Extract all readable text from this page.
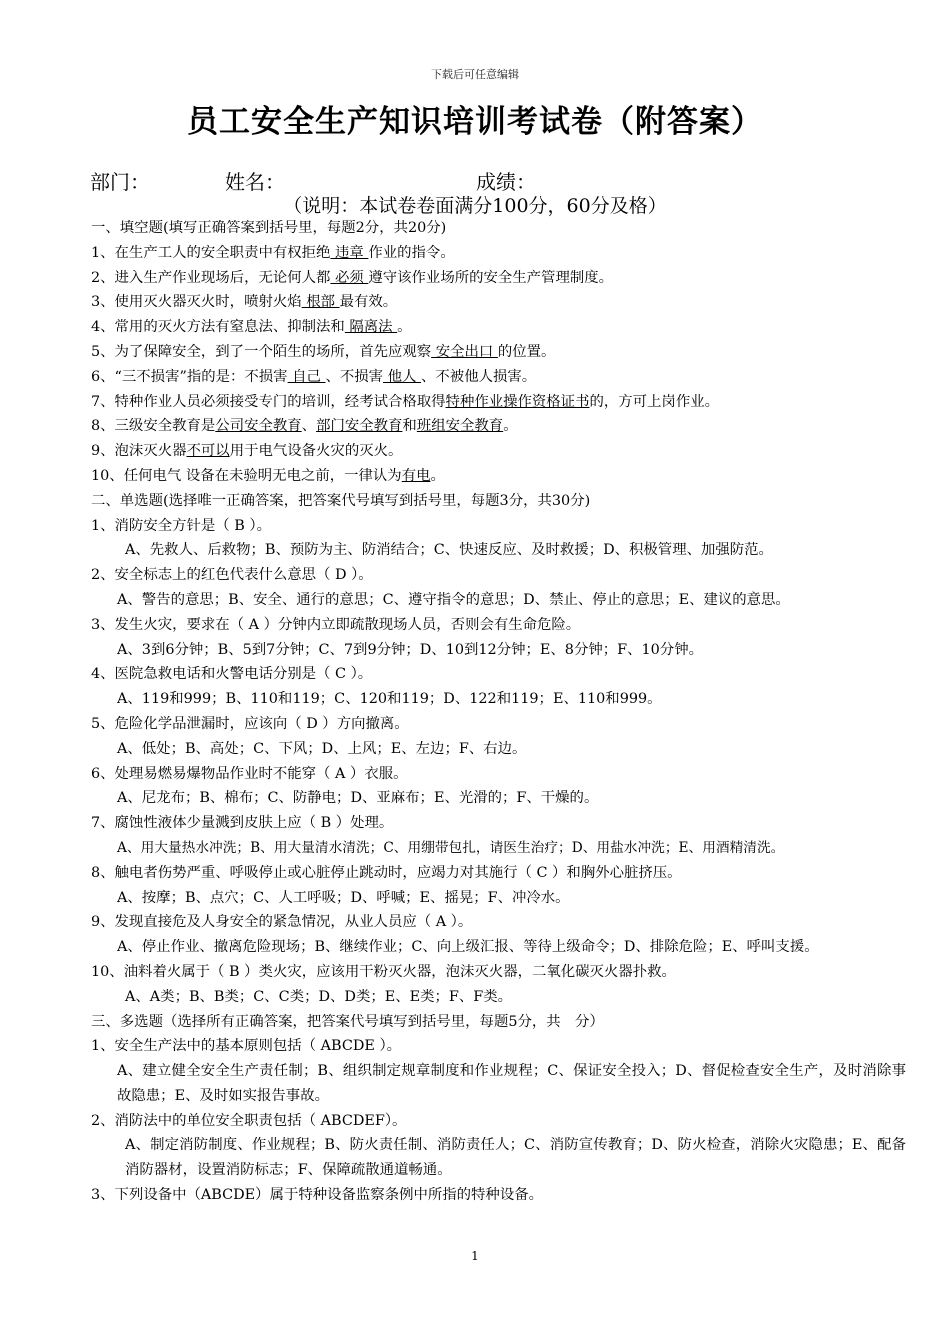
下载后可任意编辑
员工安全生产知识培训考试卷（附答案）
部门：	姓名：	成绩：
（说明：本试卷卷面满分100分，60分及格）
一、填空题(填写正确答案到括号里，每题2分，共20分)
1、在生产工人的安全职责中有权拒绝 违章 作业的指令。
2、进入生产作业现场后，无论何人都 必须 遵守该作业场所的安全生产管理制度。
3、使用灭火器灭火时，喷射火焰 根部 最有效。
4、常用的灭火方法有窒息法、抑制法和 隔离法 。
5、为了保障安全，到了一个陌生的场所，首先应观察 安全出口 的位置。
6、“三不损害”指的是：不损害 自己 、不损害 他人 、不被他人损害。
7、特种作业人员必须接受专门的培训，经考试合格取得特种作业操作资格证书的，方可上岗作业。
8、三级安全教育是公司安全教育、部门安全教育和班组安全教育。
9、泡沫灭火器不可以用于电气设备火灾的灭火。
10、任何电气 设备在未验明无电之前，一律认为有电。
二、单选题(选择唯一正确答案，把答案代号填写到括号里，每题3分，共30分)
1、消防安全方针是（ B ）。
A、先救人、后救物；B、预防为主、防消结合；C、快速反应、及时救援；D、积极管理、加强防范。
2、安全标志上的红色代表什么意思（ D ）。
A、警告的意思；B、安全、通行的意思；C、遵守指令的意思；D、禁止、停止的意思；E、建议的意思。
3、发生火灾，要求在（ A ）分钟内立即疏散现场人员，否则会有生命危险。
A、3到6分钟；B、5到7分钟；C、7到9分钟；D、10到12分钟；E、8分钟；F、10分钟。
4、医院急救电话和火警电话分别是（ C ）。
A、119和999；B、110和119；C、120和119；D、122和119；E、110和999。
5、危险化学品泄漏时，应该向（ D ）方向撤离。
A、低处；B、高处；C、下风；D、上风；E、左边；F、右边。
6、处理易燃易爆物品作业时不能穿（ A ）衣服。
A、尼龙布；B、棉布；C、防静电；D、亚麻布；E、光滑的；F、干燥的。
7、腐蚀性液体少量溅到皮肤上应（ B ）处理。
A、用大量热水冲洗；B、用大量清水清洗；C、用绷带包扎，请医生治疗；D、用盐水冲洗；E、用酒精清洗。
8、触电者伤势严重、呼吸停止或心脏停止跳动时，应竭力对其施行（ C ）和胸外心脏挤压。
A、按摩；B、点穴；C、人工呼吸；D、呼喊；E、摇晃；F、冲冷水。
9、发现直接危及人身安全的紧急情况，从业人员应（ A ）。
A、停止作业、撤离危险现场；B、继续作业；C、向上级汇报、等待上级命令；D、排除危险；E、呼叫支援。
10、油料着火属于（ B ）类火灾，应该用干粉灭火器，泡沫灭火器，二氧化碳灭火器扑救。
A、A类；B、B类；C、C类；D、D类；E、E类；F、F类。
三、多选题（选择所有正确答案，把答案代号填写到括号里，每题5分，共　分）
1、安全生产法中的基本原则包括（ ABCDE ）。
A、建立健全安全生产责任制；B、组织制定规章制度和作业规程；C、保证安全投入；D、督促检查安全生产，及时消除事故隐患；E、及时如实报告事故。
2、消防法中的单位安全职责包括（ ABCDEF）。
A、制定消防制度、作业规程；B、防火责任制、消防责任人；C、消防宣传教育；D、防火检查，消除火灾隐患；E、配备消防器材，设置消防标志；F、保障疏散通道畅通。
3、下列设备中（ABCDE）属于特种设备监察条例中所指的特种设备。
1
